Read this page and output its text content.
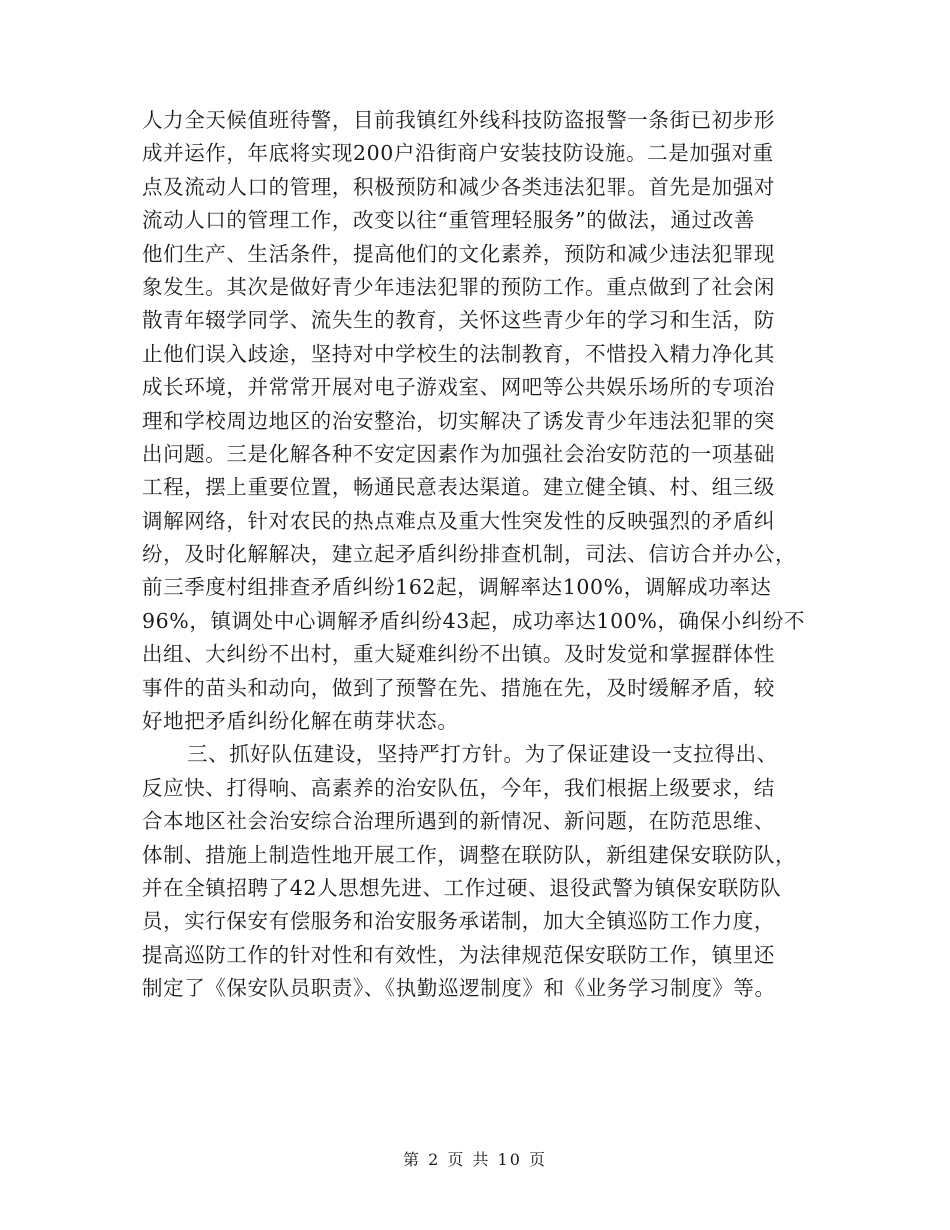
人力全天候值班待警，目前我镇红外线科技防盗报警一条街已初步形
成并运作，年底将实现200户沿街商户安装技防设施。二是加强对重
点及流动人口的管理，积极预防和减少各类违法犯罪。首先是加强对
流动人口的管理工作，改变以往“重管理轻服务”的做法，通过改善
他们生产、生活条件，提高他们的文化素养，预防和减少违法犯罪现
象发生。其次是做好青少年违法犯罪的预防工作。重点做到了社会闲
散青年辍学同学、流失生的教育，关怀这些青少年的学习和生活，防
止他们误入歧途，坚持对中学校生的法制教育，不惜投入精力净化其
成长环境，并常常开展对电子游戏室、网吧等公共娱乐场所的专项治
理和学校周边地区的治安整治，切实解决了诱发青少年违法犯罪的突
出问题。三是化解各种不安定因素作为加强社会治安防范的一项基础
工程，摆上重要位置，畅通民意表达渠道。建立健全镇、村、组三级
调解网络，针对农民的热点难点及重大性突发性的反映强烈的矛盾纠
纷，及时化解解决，建立起矛盾纠纷排查机制，司法、信访合并办公，
前三季度村组排查矛盾纠纷162起，调解率达100%，调解成功率达
96%，镇调处中心调解矛盾纠纷43起，成功率达100%，确保小纠纷不
出组、大纠纷不出村，重大疑难纠纷不出镇。及时发觉和掌握群体性
事件的苗头和动向，做到了预警在先、措施在先，及时缓解矛盾，较
好地把矛盾纠纷化解在萌芽状态。
三、抓好队伍建设，坚持严打方针。为了保证建设一支拉得出、
反应快、打得响、高素养的治安队伍，今年，我们根据上级要求，结
合本地区社会治安综合治理所遇到的新情况、新问题，在防范思维、
体制、措施上制造性地开展工作，调整在联防队，新组建保安联防队，
并在全镇招聘了42人思想先进、工作过硬、退役武警为镇保安联防队
员，实行保安有偿服务和治安服务承诺制，加大全镇巡防工作力度，
提高巡防工作的针对性和有效性，为法律规范保安联防工作，镇里还
制定了《保安队员职责》、《执勤巡逻制度》和《业务学习制度》等。
第 2 页 共 10 页
